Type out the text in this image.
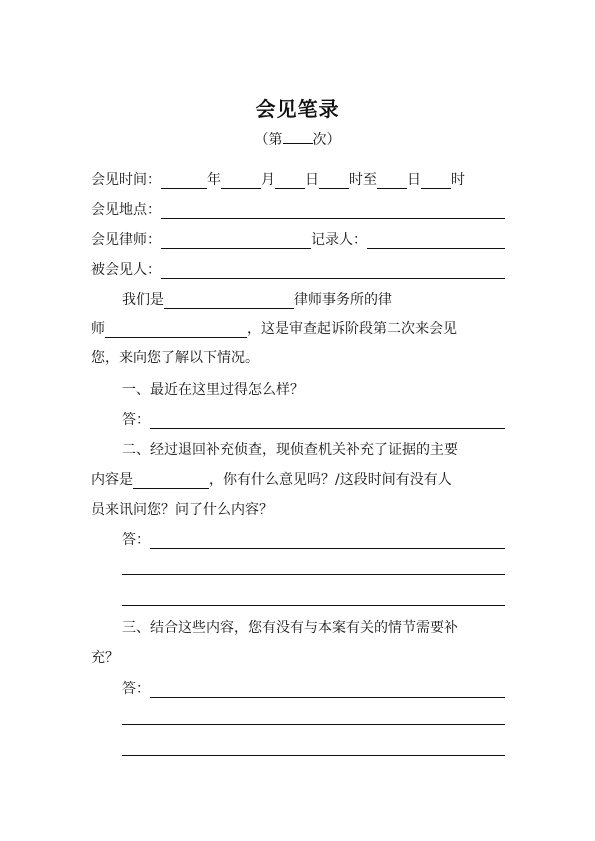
会见笔录
（第 次）
会见时间：	年	月 日 时至 日 时
会见地点：
会见律师：	记录人：
被会见人：
我们是	律师事务所的律
师	，这是审查起诉阶段第二次来会见
您，来向您了解以下情况。
一、最近在这里过得怎么样？
答：
二、经过退回补充侦查，现侦查机关补充了证据的主要
内容是	，你有什么意见吗？/这段时间有没有人
员来讯问您？问了什么内容？
答：
三、结合这些内容，您有没有与本案有关的情节需要补
充？
答：
